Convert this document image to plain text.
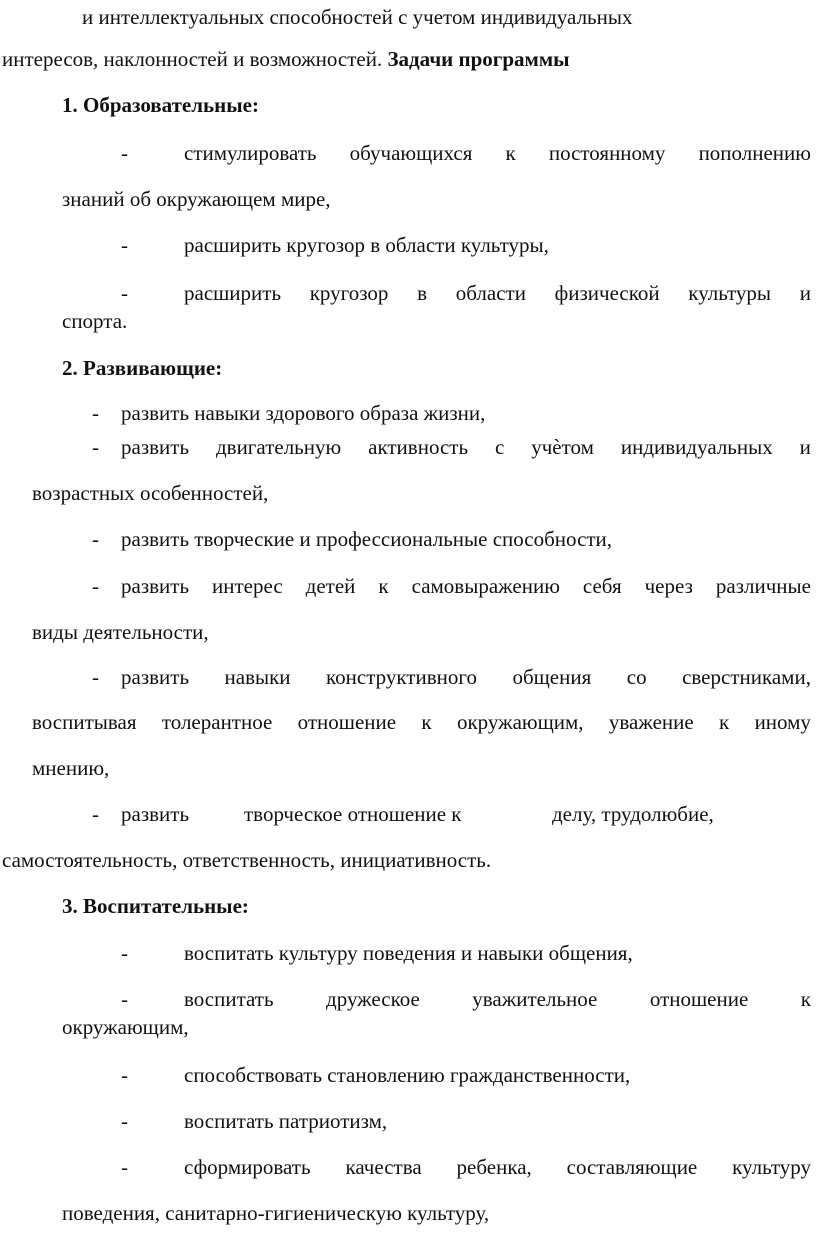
и интеллектуальных способностей с учетом индивидуальных
интересов, наклонностей и возможностей. Задачи программы
1. Образовательные:
-	стимулировать обучающихся к постоянному пополнению
знаний об окружающем мире,
-	расширить кругозор в области культуры,
-	расширить кругозор в области физической культуры и
спорта.
2. Развивающие:
- развить навыки здорового образа жизни,
- развить двигательную активность с учѐтом индивидуальных и
возрастных особенностей,
- развить творческие и профессиональные способности,
- развить интерес детей к самовыражению себя через различные
виды деятельности,
- развить навыки конструктивного общения со сверстниками,
воспитывая толерантное отношение к окружающим, уважение к иному
мнению,
- развить	творческое отношение к	делу, трудолюбие,
самостоятельность, ответственность, инициативность.
3. Воспитательные:
-	воспитать культуру поведения и навыки общения,
-	воспитать дружеское уважительное отношение к
окружающим,
-	способствовать становлению гражданственности,
-	воспитать патриотизм,
-	сформировать качества ребенка, составляющие культуру
поведения, санитарно-гигиеническую культуру,
